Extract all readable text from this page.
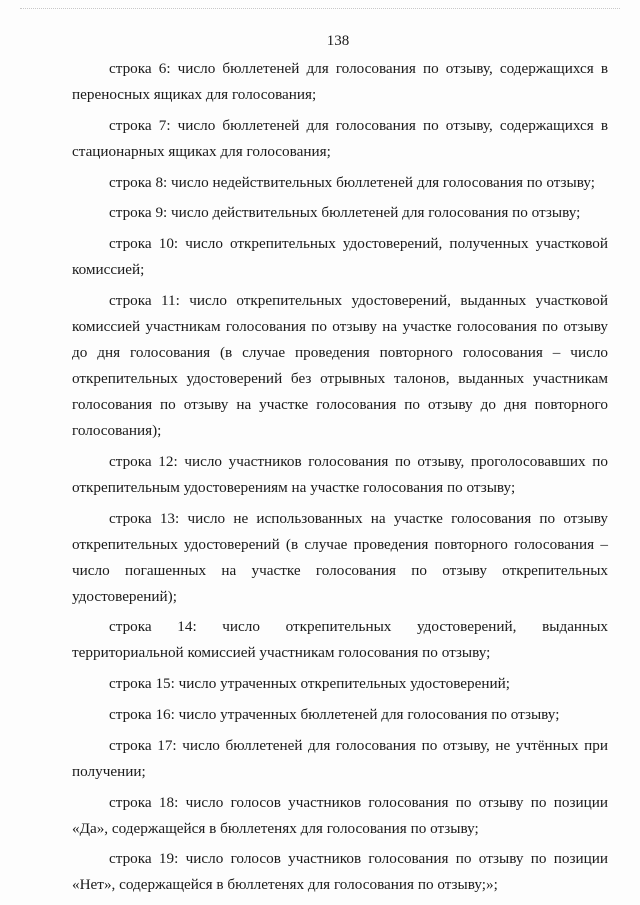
138

строка 6: число бюллетеней для голосования по отзыву, содержащихся в переносных ящиках для голосования;

строка 7: число бюллетеней для голосования по отзыву, содержащихся в стационарных ящиках для голосования;

строка 8: число недействительных бюллетеней для голосования по отзыву;

строка 9: число действительных бюллетеней для голосования по отзыву;

строка 10: число открепительных удостоверений, полученных участковой комиссией;

строка 11: число открепительных удостоверений, выданных участковой комиссией участникам голосования по отзыву на участке голосования по отзыву до дня голосования (в случае проведения повторного голосования – число открепительных удостоверений без отрывных талонов, выданных участникам голосования по отзыву на участке голосования по отзыву до дня повторного голосования);

строка 12: число участников голосования по отзыву, проголосовавших по открепительным удостоверениям на участке голосования по отзыву;

строка 13: число не использованных на участке голосования по отзыву открепительных удостоверений (в случае проведения повторного голосования – число погашенных на участке голосования по отзыву открепительных удостоверений);

строка 14: число открепительных удостоверений, выданных территориальной комиссией участникам голосования по отзыву;

строка 15: число утраченных открепительных удостоверений;

строка 16: число утраченных бюллетеней для голосования по отзыву;

строка 17: число бюллетеней для голосования по отзыву, не учтённых при получении;

строка 18: число голосов участников голосования по отзыву по позиции «Да», содержащейся в бюллетенях для голосования по отзыву;

строка 19: число голосов участников голосования по отзыву по позиции «Нет», содержащейся в бюллетенях для голосования по отзыву;»;
